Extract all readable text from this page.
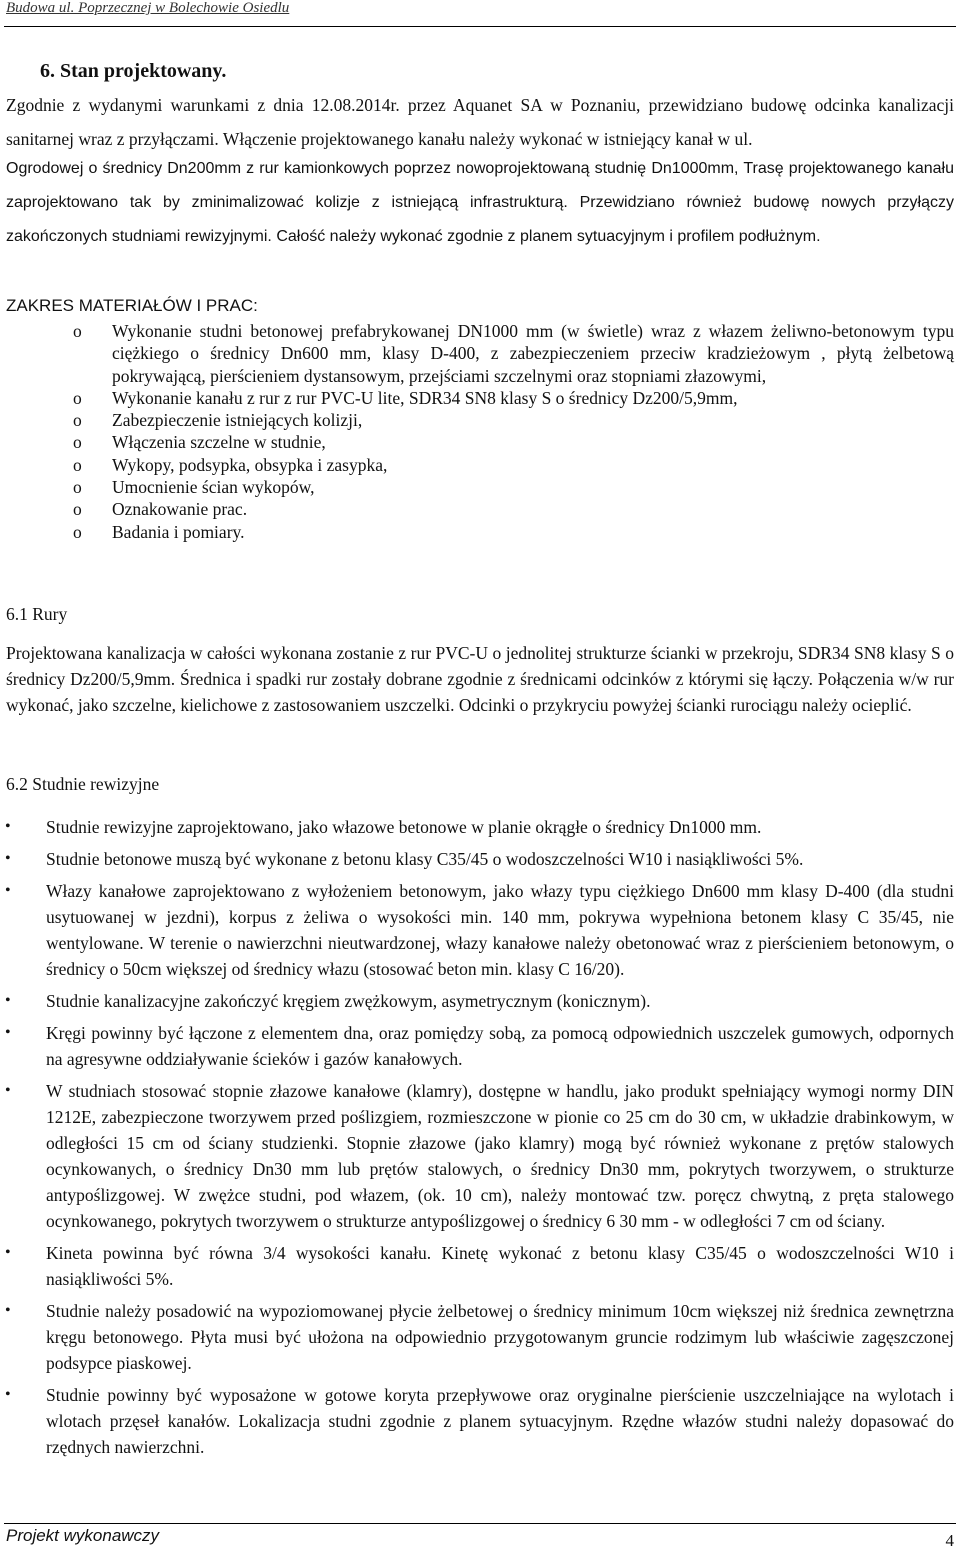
Budowa ul. Poprzecznej w Bolechowie Osiedlu
6. Stan projektowany.
Zgodnie z wydanymi warunkami z dnia 12.08.2014r. przez Aquanet SA w Poznaniu, przewidziano budowę odcinka kanalizacji sanitarnej wraz z przyłączami. Włączenie projektowanego kanału należy wykonać w istniejący kanał w ul.
Ogrodowej o średnicy Dn200mm z rur kamionkowych poprzez nowoprojektowaną studnię Dn1000mm, Trasę projektowanego kanału zaprojektowano tak by zminimalizować kolizje z istniejącą infrastrukturą. Przewidziano również budowę nowych przyłączy zakończonych studniami rewizyjnymi. Całość należy wykonać zgodnie z planem sytuacyjnym i profilem podłużnym.
ZAKRES MATERIAŁÓW I PRAC:
o Wykonanie studni betonowej prefabrykowanej DN1000 mm (w świetle) wraz z włazem żeliwno-betonowym typu ciężkiego o średnicy Dn600 mm, klasy D-400, z zabezpieczeniem przeciw kradzieżowym , płytą żelbetową pokrywającą, pierścieniem dystansowym, przejściami szczelnymi oraz stopniami złazowymi,
o Wykonanie kanału z rur z rur PVC-U lite, SDR34 SN8 klasy S o średnicy Dz200/5,9mm,
o Zabezpieczenie istniejących kolizji,
o Włączenia szczelne w studnie,
o Wykopy, podsypka, obsypka i zasypka,
o Umocnienie ścian wykopów,
o Oznakowanie prac.
o Badania i pomiary.
6.1 Rury
Projektowana kanalizacja w całości wykonana zostanie z rur PVC-U o jednolitej strukturze ścianki w przekroju, SDR34 SN8 klasy S o średnicy Dz200/5,9mm. Średnica i spadki rur zostały dobrane zgodnie z średnicami odcinków z którymi się łączy. Połączenia w/w rur wykonać, jako szczelne, kielichowe z zastosowaniem uszczelki. Odcinki o przykryciu powyżej ścianki rurociągu należy ocieplić.
6.2 Studnie rewizyjne
• Studnie rewizyjne zaprojektowano, jako włazowe betonowe w planie okrągłe o średnicy Dn1000 mm.
• Studnie betonowe muszą być wykonane z betonu klasy C35/45 o wodoszczelności W10 i nasiąkliwości 5%.
• Włazy kanałowe zaprojektowano z wyłożeniem betonowym, jako włazy typu ciężkiego Dn600 mm klasy D-400 (dla studni usytuowanej w jezdni), korpus z żeliwa o wysokości min. 140 mm, pokrywa wypełniona betonem klasy C 35/45, nie wentylowane. W terenie o nawierzchni nieutwardzonej, włazy kanałowe należy obetonować wraz z pierścieniem betonowym, o średnicy o 50cm większej od średnicy włazu (stosować beton min. klasy C 16/20).
• Studnie kanalizacyjne zakończyć kręgiem zwężkowym, asymetrycznym (konicznym).
• Kręgi powinny być łączone z elementem dna, oraz pomiędzy sobą, za pomocą odpowiednich uszczelek gumowych, odpornych na agresywne oddziaływanie ścieków i gazów kanałowych.
• W studniach stosować stopnie złazowe kanałowe (klamry), dostępne w handlu, jako produkt spełniający wymogi normy DIN 1212E, zabezpieczone tworzywem przed poślizgiem, rozmieszczone w pionie co 25 cm do 30 cm, w układzie drabinkowym, w odległości 15 cm od ściany studzienki. Stopnie złazowe (jako klamry) mogą być również wykonane z prętów stalowych ocynkowanych, o średnicy Dn30 mm lub prętów stalowych, o średnicy Dn30 mm, pokrytych tworzywem, o strukturze antypoślizgowej. W zwężce studni, pod włazem, (ok. 10 cm), należy montować tzw. poręcz chwytną, z pręta stalowego ocynkowanego, pokrytych tworzywem o strukturze antypoślizgowej o średnicy 6 30 mm - w odległości 7 cm od ściany.
• Kineta powinna być równa 3/4 wysokości kanału. Kinetę wykonać z betonu klasy C35/45 o wodoszczelności W10 i nasiąkliwości 5%.
• Studnie należy posadowić na wypoziomowanej płycie żelbetowej o średnicy minimum 10cm większej niż średnica zewnętrzna kręgu betonowego. Płyta musi być ułożona na odpowiednio przygotowanym gruncie rodzimym lub właściwie zagęszczonej podsypce piaskowej.
• Studnie powinny być wyposażone w gotowe koryta przepływowe oraz oryginalne pierścienie uszczelniające na wylotach i wlotach przęseł kanałów. Lokalizacja studni zgodnie z planem sytuacyjnym. Rzędne włazów studni należy dopasować do rzędnych nawierzchni.
Projekt wykonawczy	4
